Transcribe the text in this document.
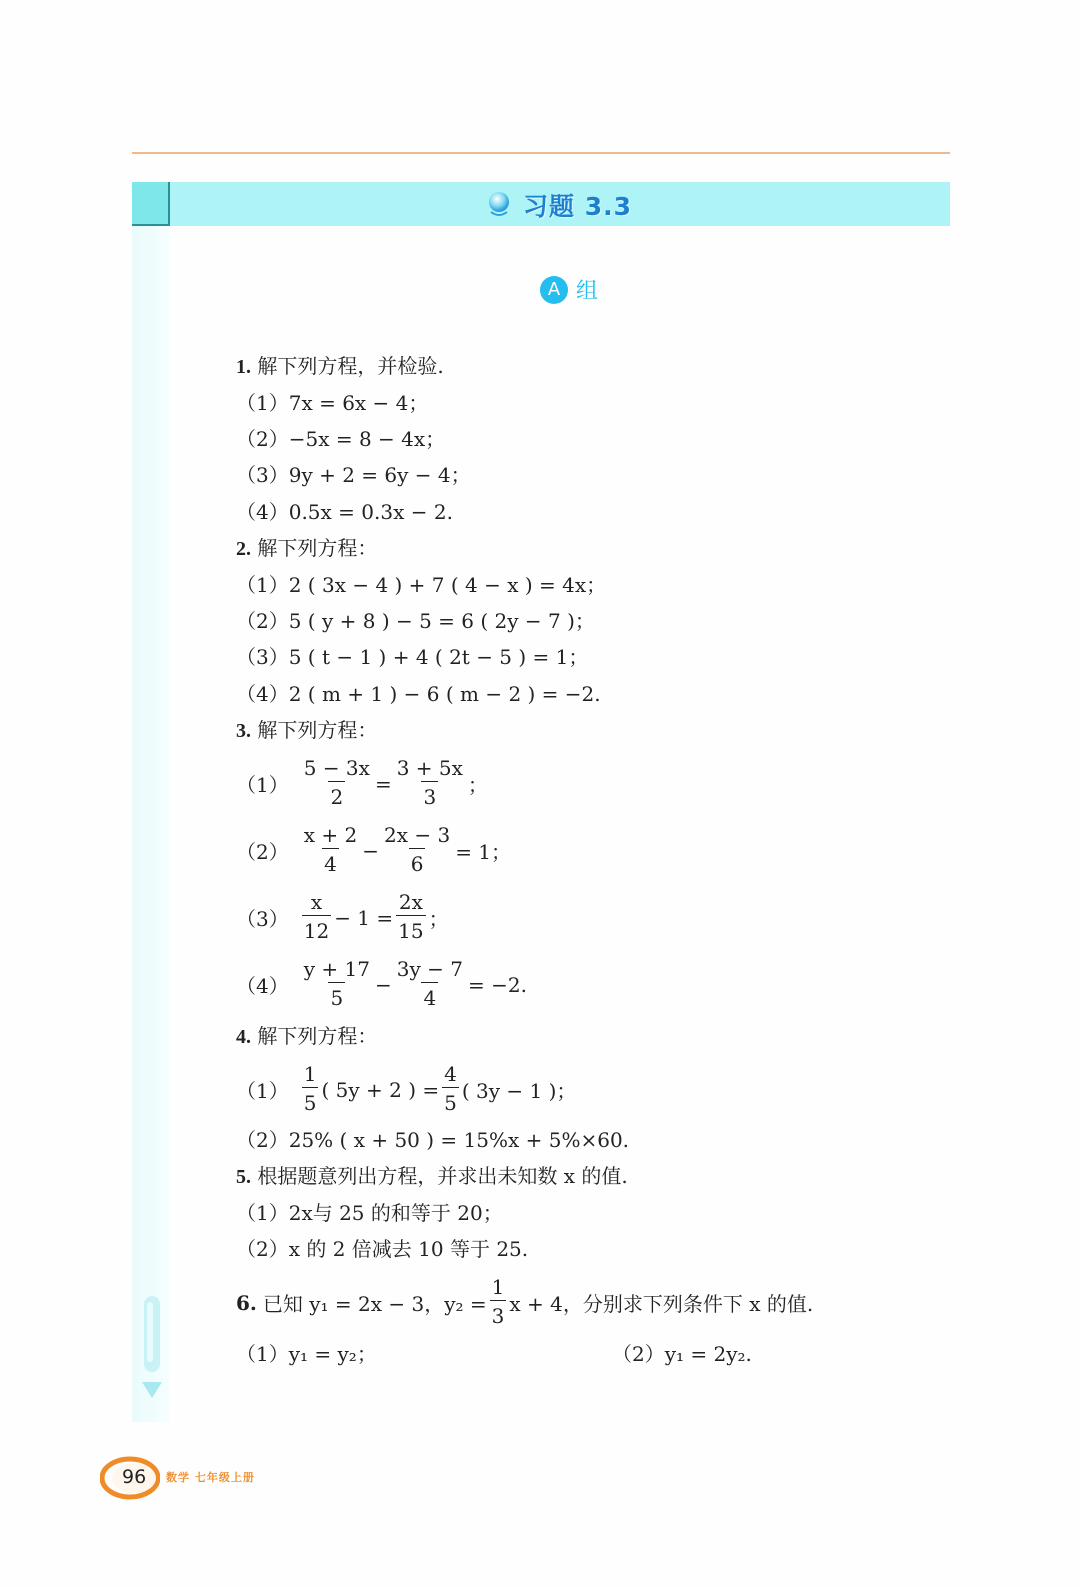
习题 3.3
A 组
1. 解下列方程，并检验.
（1）7x = 6x − 4；
（2）−5x = 8 − 4x；
（3）9y + 2 = 6y − 4；
（4）0.5x = 0.3x − 2.
2. 解下列方程：
（1）2 ( 3x − 4 ) + 7 ( 4 − x ) = 4x；
（2）5 ( y + 8 ) − 5 = 6 ( 2y − 7 )；
（3）5 ( t − 1 ) + 4 ( 2t − 5 ) = 1；
（4）2 ( m + 1 ) − 6 ( m − 2 ) = −2.
3. 解下列方程：
$(1) \frac{5 - 3x}{2} = \frac{3 + 5x}{3}$ ；
$(2) \frac{x + 2}{4} - \frac{2x - 3}{6} = 1$；
$(3) \frac{x}{12} - 1 = \frac{2x}{15}$ ；
$(4) \frac{y + 17}{5} - \frac{3y - 7}{4} = -2$.
4. 解下列方程：
$(1) \frac{1}{5}$ ( 5y + 2 ) = $\frac{4}{5}$ ( 3y − 1 )；
（2）25% ( x + 50 ) = 15%x + 5%×60.
5. 根据题意列出方程，并求出未知数 x 的值.
（1）2x与 25 的和等于 20；
（2）x 的 2 倍减去 10 等于 25.
6. 已知 y₁ = 2x − 3，$y_2 = \frac{1}{3}$ x + 4，分别求下列条件下 x 的值.
（1）y₁ = y₂；	（2）y₁ = 2y₂.
96 数学 七年级上册
